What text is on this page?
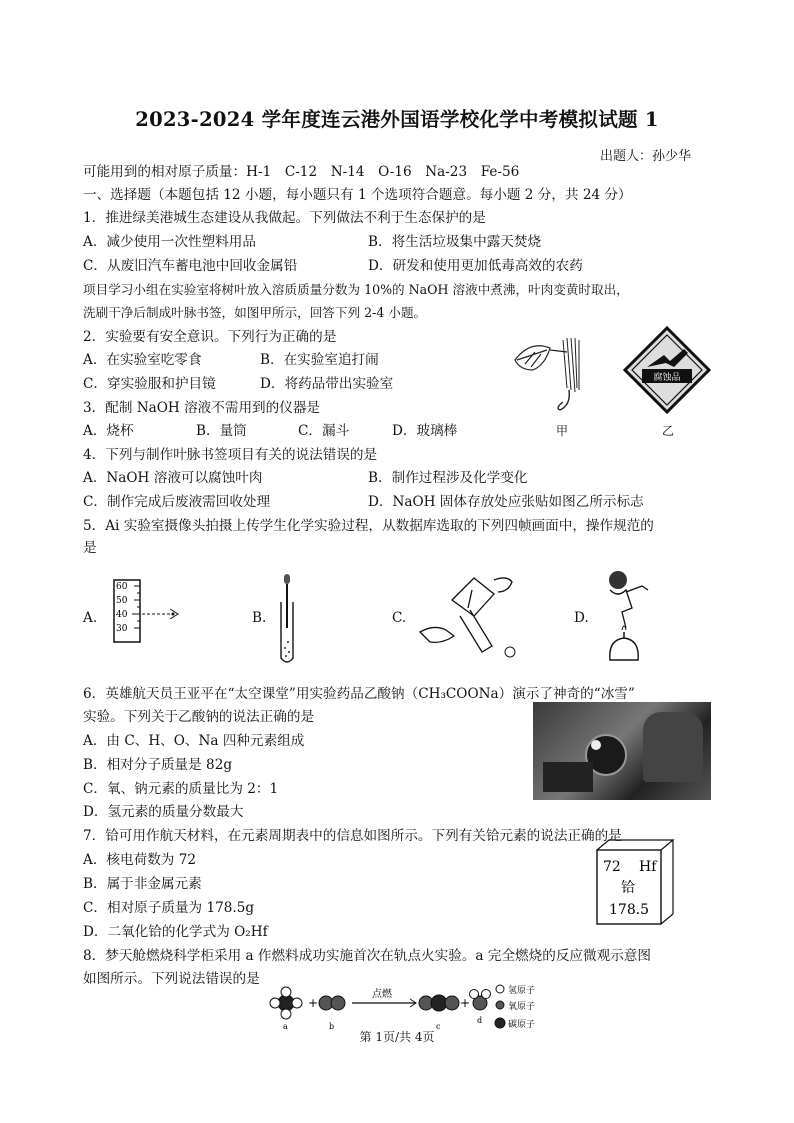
2023-2024 学年度连云港外国语学校化学中考模拟试题 1
出题人：孙少华
可能用到的相对原子质量：H-1　C-12　N-14　O-16　Na-23　Fe-56
一、选择题（本题包括 12 小题，每小题只有 1 个选项符合题意。每小题 2 分，共 24 分）
1．推进绿美港城生态建设从我做起。下列做法不利于生态保护的是
A．减少使用一次性塑料用品	B．将生活垃圾集中露天焚烧
C．从废旧汽车蓄电池中回收金属铅	D．研发和使用更加低毒高效的农药
项目学习小组在实验室将树叶放入溶质质量分数为 10%的 NaOH 溶液中煮沸，叶肉变黄时取出，
洗刷干净后制成叶脉书签，如图甲所示，回答下列 2-4 小题。
2．实验要有安全意识。下列行为正确的是
A．在实验室吃零食	B．在实验室追打闹
C．穿实验服和护目镜	D．将药品带出实验室
3．配制 NaOH 溶液不需用到的仪器是
A．烧杯	B．量筒	C．漏斗	D．玻璃棒
腐蚀品
甲	乙
4．下列与制作叶脉书签项目有关的说法错误的是
A．NaOH 溶液可以腐蚀叶肉	B．制作过程涉及化学变化
C．制作完成后废液需回收处理	D．NaOH 固体存放处应张贴如图乙所示标志
5．Ai 实验室摄像头拍摄上传学生化学实验过程，从数据库选取的下列四帧画面中，操作规范的
是
A.
60
50
40
30
B.	C.	D.
6．英雄航天员王亚平在“太空课堂”用实验药品乙酸钠（CH₃COONa）演示了神奇的“冰雪”
实验。下列关于乙酸钠的说法正确的是
A．由 C、H、O、Na 四种元素组成
B．相对分子质量是 82g
C．氧、钠元素的质量比为 2：1
D．氢元素的质量分数最大
7．铪可用作航天材料，在元素周期表中的信息如图所示。下列有关铪元素的说法正确的是
A．核电荷数为 72
B．属于非金属元素
C．相对原子质量为 178.5g
D．二氧化铪的化学式为 O₂Hf
72 Hf
铪
178.5
8．梦天舱燃烧科学柜采用 a 作燃料成功实施首次在轨点火实验。a 完全燃烧的反应微观示意图
如图所示。下列说法错误的是
+
点燃
+
a	b	c
d
氢原子
氧原子
碳原子
第 1页/共 4页
